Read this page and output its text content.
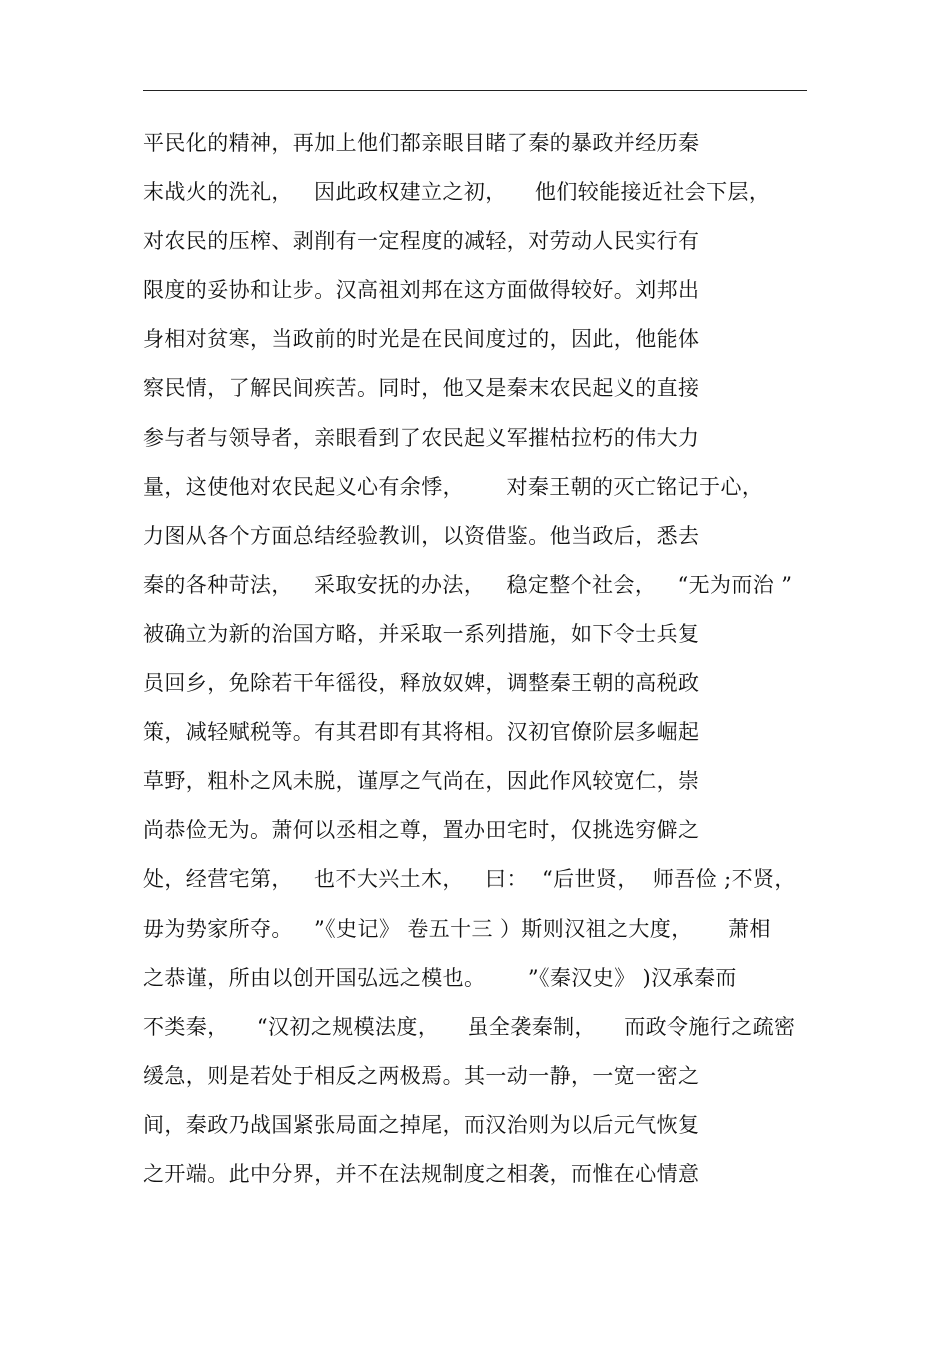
平民化的精神，再加上他们都亲眼目睹了秦的暴政并经历秦
末战火的洗礼，   因此政权建立之初，    他们较能接近社会下层，
对农民的压榨、剥削有一定程度的减轻，对劳动人民实行有
限度的妥协和让步。汉高祖刘邦在这方面做得较好。刘邦出
身相对贫寒，当政前的时光是在民间度过的，因此，他能体
察民情，了解民间疾苦。同时，他又是秦末农民起义的直接
参与者与领导者，亲眼看到了农民起义军摧枯拉朽的伟大力
量，这使他对农民起义心有余悸，      对秦王朝的灭亡铭记于心，
力图从各个方面总结经验教训，以资借鉴。他当政后，悉去
秦的各种苛法，   采取安抚的办法，   稳定整个社会，   “无为而治 ”
被确立为新的治国方略，并采取一系列措施，如下令士兵复
员回乡，免除若干年徭役，释放奴婢，调整秦王朝的高税政
策，减轻赋税等。有其君即有其将相。汉初官僚阶层多崛起
草野，粗朴之风未脱，谨厚之气尚在，因此作风较宽仁，崇
尚恭俭无为。萧何以丞相之尊，置办田宅时，仅挑选穷僻之
处，经营宅第，   也不大兴土木，   曰：  “后世贤，  师吾俭 ;不贤，
毋为势家所夺。   ”《史记》 卷五十三 ）斯则汉祖之大度，     萧相
之恭谨，所由以创开国弘远之模也。      ”《秦汉史》 )汉承秦而
不类秦，    “汉初之规模法度，    虽全袭秦制，    而政令施行之疏密
缓急，则是若处于相反之两极焉。其一动一静，一宽一密之
间，秦政乃战国紧张局面之掉尾，而汉治则为以后元气恢复
之开端。此中分界，并不在法规制度之相袭，而惟在心情意
